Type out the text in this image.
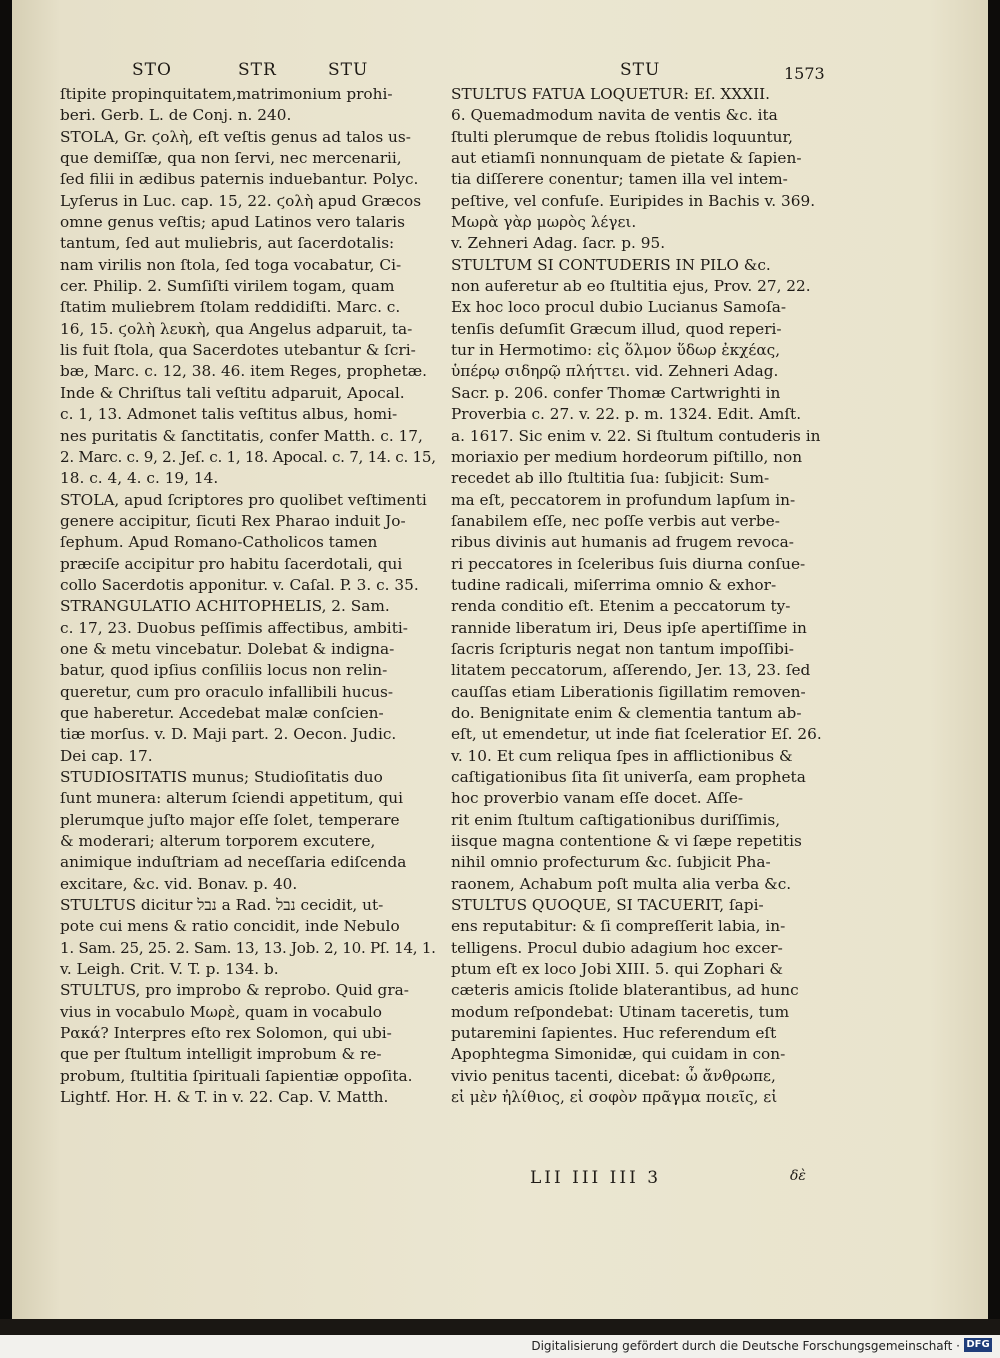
STO	STR	STU	STU	1573

ſtipite propinquitatem,matrimonium prohi-

beri. Gerb. L. de Conj. n. 240.

STOLA, Gr. ϛολὴ, eſt veſtis genus ad talos us-

que demiſſæ, qua non ſervi, nec mercenarii,

ſed filii in ædibus paternis induebantur. Polyc.

Lyſerus in Luc. cap. 15, 22. ϛολὴ apud Græcos

omne genus veſtis; apud Latinos vero talaris

tantum, ſed aut muliebris, aut ſacerdotalis:

nam virilis non ſtola, ſed toga vocabatur, Ci-

cer. Philip. 2. Sumſiſti virilem togam, quam

ſtatim muliebrem ſtolam reddidiſti. Marc. c.

16, 15. ϛολὴ λευκὴ, qua Angelus adparuit, ta-

lis fuit ſtola, qua Sacerdotes utebantur & ſcri-

bæ, Marc. c. 12, 38. 46. item Reges, prophetæ.

Inde & Chriſtus tali veſtitu adparuit, Apocal.

c. 1, 13. Admonet talis veſtitus albus, homi-

nes puritatis & ſanctitatis, confer Matth. c. 17,

2. Marc. c. 9, 2. Jeſ. c. 1, 18. Apocal. c. 7, 14. c. 15,

18. c. 4, 4. c. 19, 14.

STOLA, apud ſcriptores pro quolibet veſtimenti

genere accipitur, ſicuti Rex Pharao induit Jo-

ſephum. Apud Romano-Catholicos tamen

præciſe accipitur pro habitu ſacerdotali, qui

collo Sacerdotis apponitur. v. Caſal. P. 3. c. 35.

STRANGULATIO ACHITOPHELIS, 2. Sam.

c. 17, 23. Duobus peſſimis affectibus, ambiti-

one & metu vincebatur. Dolebat & indigna-

batur, quod ipſius conſiliis locus non relin-

queretur, cum pro oraculo infallibili hucus-

que haberetur. Accedebat malæ conſcien-

tiæ morſus. v. D. Maji part. 2. Oecon. Judic.

Dei cap. 17.

STUDIOSITATIS munus; Studioſitatis duo

ſunt munera: alterum ſciendi appetitum, qui

plerumque juſto major eſſe ſolet, temperare

& moderari; alterum torporem excutere,

animique induſtriam ad neceſſaria ediſcenda

excitare, &c. vid. Bonav. p. 40.

STULTUS dicitur נבל a Rad. נבל cecidit, ut-

pote cui mens & ratio concidit, inde Nebulo

1. Sam. 25, 25. 2. Sam. 13, 13. Job. 2, 10. Pſ. 14, 1.

v. Leigh. Crit. V. T. p. 134. b.

STULTUS, pro improbo & reprobo. Quid gra-

vius in vocabulo Μωρὲ, quam in vocabulo

Ρακά? Interpres eſto rex Solomon, qui ubi-

que per ſtultum intelligit improbum & re-

probum, ſtultitia ſpirituali ſapientiæ oppoſita.

Lightf. Hor. H. & T. in v. 22. Cap. V. Matth.

STULTUS FATUA LOQUETUR: Eſ. XXXII.

6. Quemadmodum navita de ventis &c. ita

ſtulti plerumque de rebus ſtolidis loquuntur,

aut etiamſi nonnunquam de pietate & ſapien-

tia diſſerere conentur; tamen illa vel intem-

peſtive, vel confuſe. Euripides in Bachis v. 369.

Μωρὰ γὰρ μωρὸς λέγει.

v. Zehneri Adag. ſacr. p. 95.

STULTUM SI CONTUDERIS IN PILO &c.

non auferetur ab eo ſtultitia ejus, Prov. 27, 22.

Ex hoc loco procul dubio Lucianus Samoſa-

tenſis deſumſit Græcum illud, quod reperi-

tur in Hermotimo: εἰς ὅλμον ὕδωρ ἐκχέας,

ὑπέρῳ σιδηρῷ πλήττει. vid. Zehneri Adag.

Sacr. p. 206. confer Thomæ Cartwrighti in

Proverbia c. 27. v. 22. p. m. 1324. Edit. Amſt.

a. 1617. Sic enim v. 22. Si ſtultum contuderis in

moriaxio per medium hordeorum piſtillo, non

recedet ab illo ſtultitia ſua: ſubjicit: Sum-

ma eſt, peccatorem in profundum lapſum in-

ſanabilem eſſe, nec poſſe verbis aut verbe-

ribus divinis aut humanis ad frugem revoca-

ri peccatores in ſceleribus ſuis diurna conſue-

tudine radicali, miſerrima omnio & exhor-

renda conditio eſt. Etenim a peccatorum ty-

rannide liberatum iri, Deus ipſe apertiſſime in

ſacris ſcripturis negat non tantum impoſſibi-

litatem peccatorum, aſſerendo, Jer. 13, 23. ſed

cauſſas etiam Liberationis ſigillatim removen-

do. Benignitate enim & clementia tantum ab-

eſt, ut emendetur, ut inde fiat ſceleratior Eſ. 26.

v. 10. Et cum reliqua ſpes in afflictionibus &

caſtigationibus ſita ſit univerſa, eam propheta

hoc proverbio vanam eſſe docet. Aſſe-

rit enim ſtultum caſtigationibus duriſſimis,

iisque magna contentione & vi ſæpe repetitis

nihil omnio profecturum &c. ſubjicit Pha-

raonem, Achabum poſt multa alia verba &c.

STULTUS QUOQUE, SI TACUERIT, ſapi-

ens reputabitur: & ſi compreſſerit labia, in-

telligens. Procul dubio adagium hoc excer-

ptum eſt ex loco Jobi XIII. 5. qui Zophari &

cæteris amicis ſtolide blaterantibus, ad hunc

modum reſpondebat: Utinam taceretis, tum

putaremini ſapientes. Huc referendum eſt

Apophtegma Simonidæ, qui cuidam in con-

vivio penitus tacenti, dicebat: ὦ ἄνθρωπε,

εἰ μὲν ἠλίθιος, εἰ σοφὸν πρᾶγμα ποιεῖς, εἰ

LII III III 3	δὲ
Digitalisierung gefördert durch die Deutsche Forschungsgemeinschaft · DFG
